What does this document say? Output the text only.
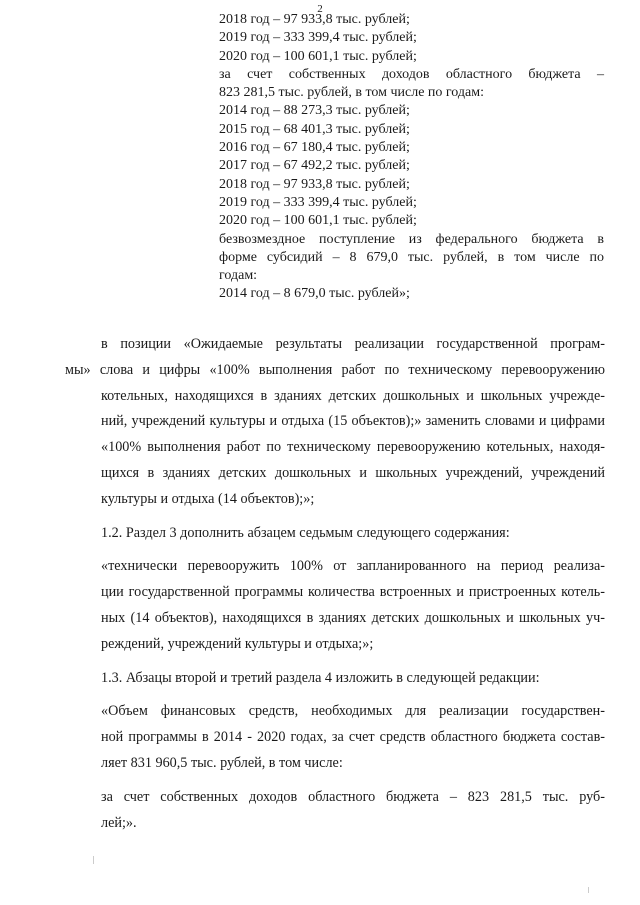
2
2018 год – 97 933,8 тыс. рублей;
2019 год – 333 399,4 тыс. рублей;
2020 год – 100 601,1 тыс. рублей;
за счет собственных доходов областного бюджета –
823 281,5 тыс. рублей, в том числе по годам:
2014 год – 88 273,3 тыс. рублей;
2015 год – 68 401,3 тыс. рублей;
2016 год – 67 180,4 тыс. рублей;
2017 год – 67 492,2 тыс. рублей;
2018 год – 97 933,8 тыс. рублей;
2019 год – 333 399,4 тыс. рублей;
2020 год – 100 601,1 тыс. рублей;
безвозмездное поступление из федерального бюджета в
форме субсидий – 8 679,0 тыс. рублей, в том числе по
годам:
2014 год – 8 679,0 тыс. рублей»;

в позиции «Ожидаемые результаты реализации государственной програм-
мы» слова и цифры «100% выполнения работ по техническому перевооружению
котельных, находящихся в зданиях детских дошкольных и школьных учрежде-
ний, учреждений культуры и отдыха (15 объектов);» заменить словами и цифрами
«100% выполнения работ по техническому перевооружению котельных, находя-
щихся в зданиях детских дошкольных и школьных учреждений, учреждений
культуры и отдыха (14 объектов);»;

1.2. Раздел 3 дополнить абзацем седьмым следующего содержания:

«технически перевооружить 100% от запланированного на период реализа-
ции государственной программы количества встроенных и пристроенных котель-
ных (14 объектов), находящихся в зданиях детских дошкольных и школьных уч-
реждений, учреждений культуры и отдыха;»;

1.3. Абзацы второй и третий раздела 4 изложить в следующей редакции:

«Объем финансовых средств, необходимых для реализации государствен-
ной программы в 2014 - 2020 годах, за счет средств областного бюджета состав-
ляет 831 960,5 тыс. рублей, в том числе:

за счет собственных доходов областного бюджета – 823 281,5 тыс. руб-
лей;».
